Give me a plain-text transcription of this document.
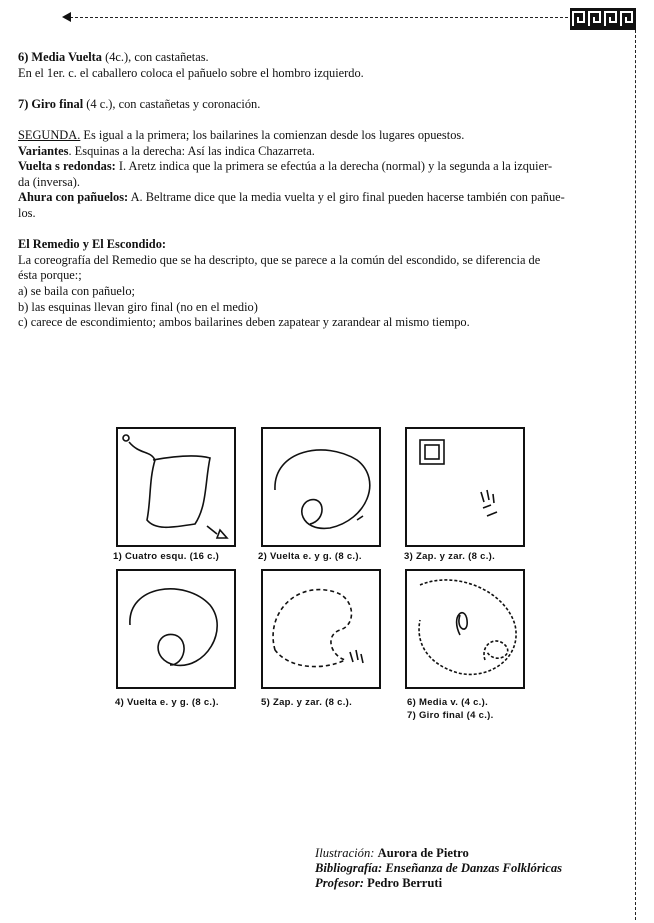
6) Media Vuelta (4c.), con castañetas.
En el 1er. c. el caballero coloca el pañuelo sobre el hombro izquierdo.

7) Giro final (4 c.), con castañetas y coronación.

SEGUNDA. Es igual a la primera; los bailarines la comienzan desde los lugares opuestos.
Variantes. Esquinas a la derecha: Así las indica Chazarreta.
Vuelta s redondas: I. Aretz indica que la primera se efectúa a la derecha (normal) y la segunda a la izquier-
da (inversa).
Ahura con pañuelos: A. Beltrame dice que la media vuelta y el giro final pueden hacerse también con pañue-
los.

El Remedio y El Escondido:
La coreografía del Remedio que se ha descripto, que se parece a la común del escondido, se diferencia de
ésta porque:;
a) se baila con pañuelo;
b) las esquinas llevan giro final (no en el medio)
c) carece de escondimiento; ambos bailarines deben zapatear y zarandear al mismo tiempo.

1) Cuatro esqu. (16 c.)	2) Vuelta e. y g. (8 c.).	3) Zap. y zar. (8 c.).
4) Vuelta e. y g. (8 c.).	5) Zap. y zar. (8 c.).	6) Media v. (4 c.).
7) Giro final (4 c.).
Ilustración: Aurora de Pietro
Bibliografía: Enseñanza de Danzas Folklóricas
Profesor: Pedro Berruti
